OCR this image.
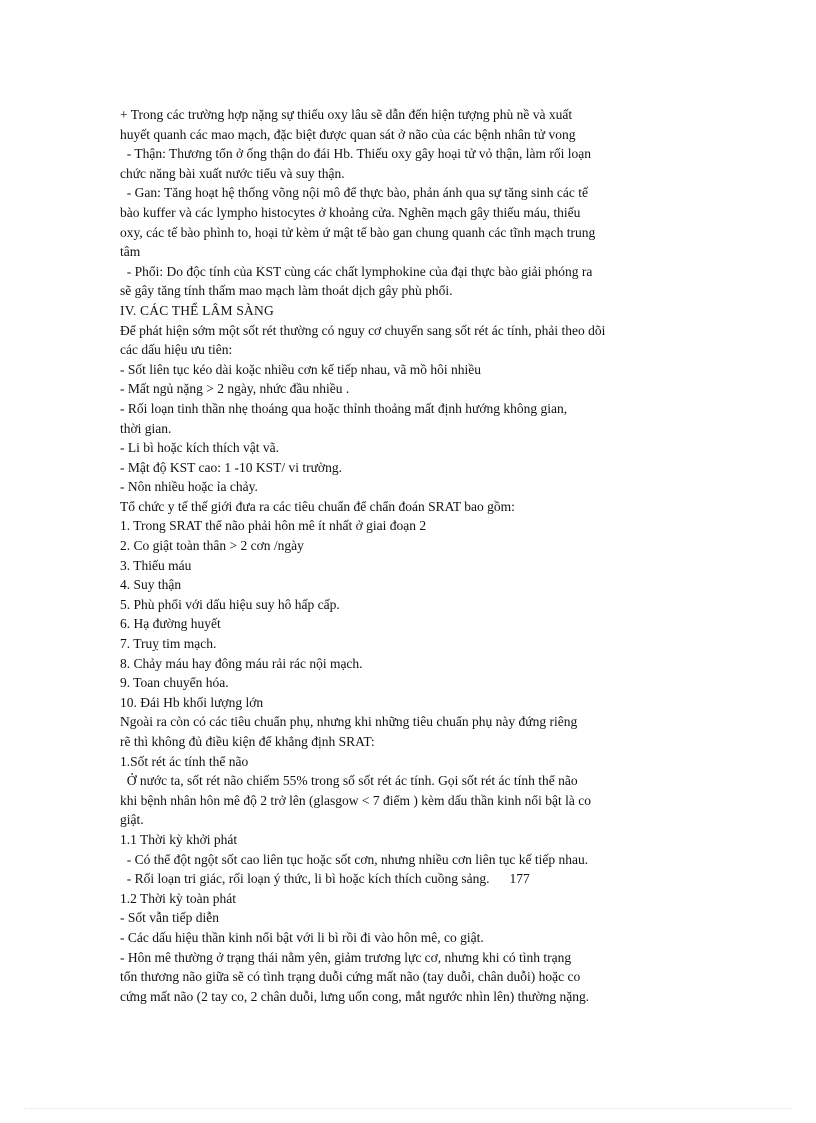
+ Trong các trường hợp nặng sự thiếu oxy lâu sẽ dẫn đến hiện tượng phù nề và xuất
huyết quanh các mao mạch, đặc biệt được quan sát ở não của các bệnh nhân tử vong
- Thận: Thương tổn ở ống thận do đái Hb. Thiếu oxy gây hoại tử vỏ thận, làm rối loạn
chức năng bài xuất nước tiểu và suy thận.
- Gan: Tăng hoạt hệ thống võng nội mô để thực bào, phản ánh qua sự tăng sinh các tế
bào kuffer và các lympho histocytes ở khoảng cửa. Nghẽn mạch gây thiếu máu, thiếu
oxy, các tế bào phình to, hoại tử kèm ứ mật tế bào gan chung quanh các tĩnh mạch trung
tâm
- Phổi: Do độc tính của KST cùng các chất lymphokine của đại thực bào giải phóng ra
sẽ gây tăng tính thấm mao mạch làm thoát dịch gây phù phổi.
IV. CÁC THỂ LÂM SÀNG
Để phát hiện sớm một sốt rét thường có nguy cơ chuyển sang sốt rét ác tính, phải theo dõi
các dấu hiệu ưu tiên:
- Sốt liên tục kéo dài koặc nhiều cơn kế tiếp nhau, vã mồ hôi nhiều
- Mất ngủ nặng > 2 ngày, nhức đầu nhiều .
- Rối loạn tinh thần nhẹ thoáng qua hoặc thỉnh thoảng mất định hướng không gian,
thời gian.
- Li bì hoặc kích thích vật vã.
- Mật độ KST cao: 1 -10 KST/ vi trường.
- Nôn nhiều hoặc ỉa chảy.
Tổ chức y tế thế giới đưa ra các tiêu chuẩn để chẩn đoán SRAT bao gồm:
1. Trong SRAT thể não phải hôn mê ít nhất ở giai đoạn 2
2. Co giật toàn thân > 2 cơn /ngày
3. Thiếu máu
4. Suy thận
5. Phù phổi với dấu hiệu suy hô hấp cấp.
6. Hạ đường huyết
7. Truỵ tim mạch.
8. Chảy máu hay đông máu rải rác nội mạch.
9. Toan chuyển hóa.
10. Đái Hb khối lượng lớn
Ngoài ra còn có các tiêu chuẩn phụ, nhưng khi những tiêu chuẩn phụ này đứng riêng
rẽ thì không đủ điều kiện để khẳng định SRAT:
1.Sốt rét ác tính thể não
Ở nước ta, sốt rét não chiếm 55% trong số sốt rét ác tính. Gọi sốt rét ác tính thể não
khi bệnh nhân hôn mê độ 2 trở lên (glasgow < 7 điểm ) kèm dấu thần kinh nổi bật là co
giật.
1.1 Thời kỳ khởi phát
- Có thể đột ngột sốt cao liên tục hoặc sốt cơn, nhưng nhiều cơn liên tục kế tiếp nhau.
- Rối loạn tri giác, rối loạn ý thức, li bì hoặc kích thích cuồng sảng. 177
1.2 Thời kỳ toàn phát
- Sốt vẫn tiếp diễn
- Các dấu hiệu thần kinh nổi bật với li bì rồi đi vào hôn mê, co giật.
- Hôn mê thường ở trạng thái nằm yên, giảm trương lực cơ, nhưng khi có tình trạng
tổn thương não giữa sẽ có tình trạng duỗi cứng mất não (tay duỗi, chân duỗi) hoặc co
cứng mất não (2 tay co, 2 chân duỗi, lưng uốn cong, mắt ngước nhìn lên) thường nặng.
